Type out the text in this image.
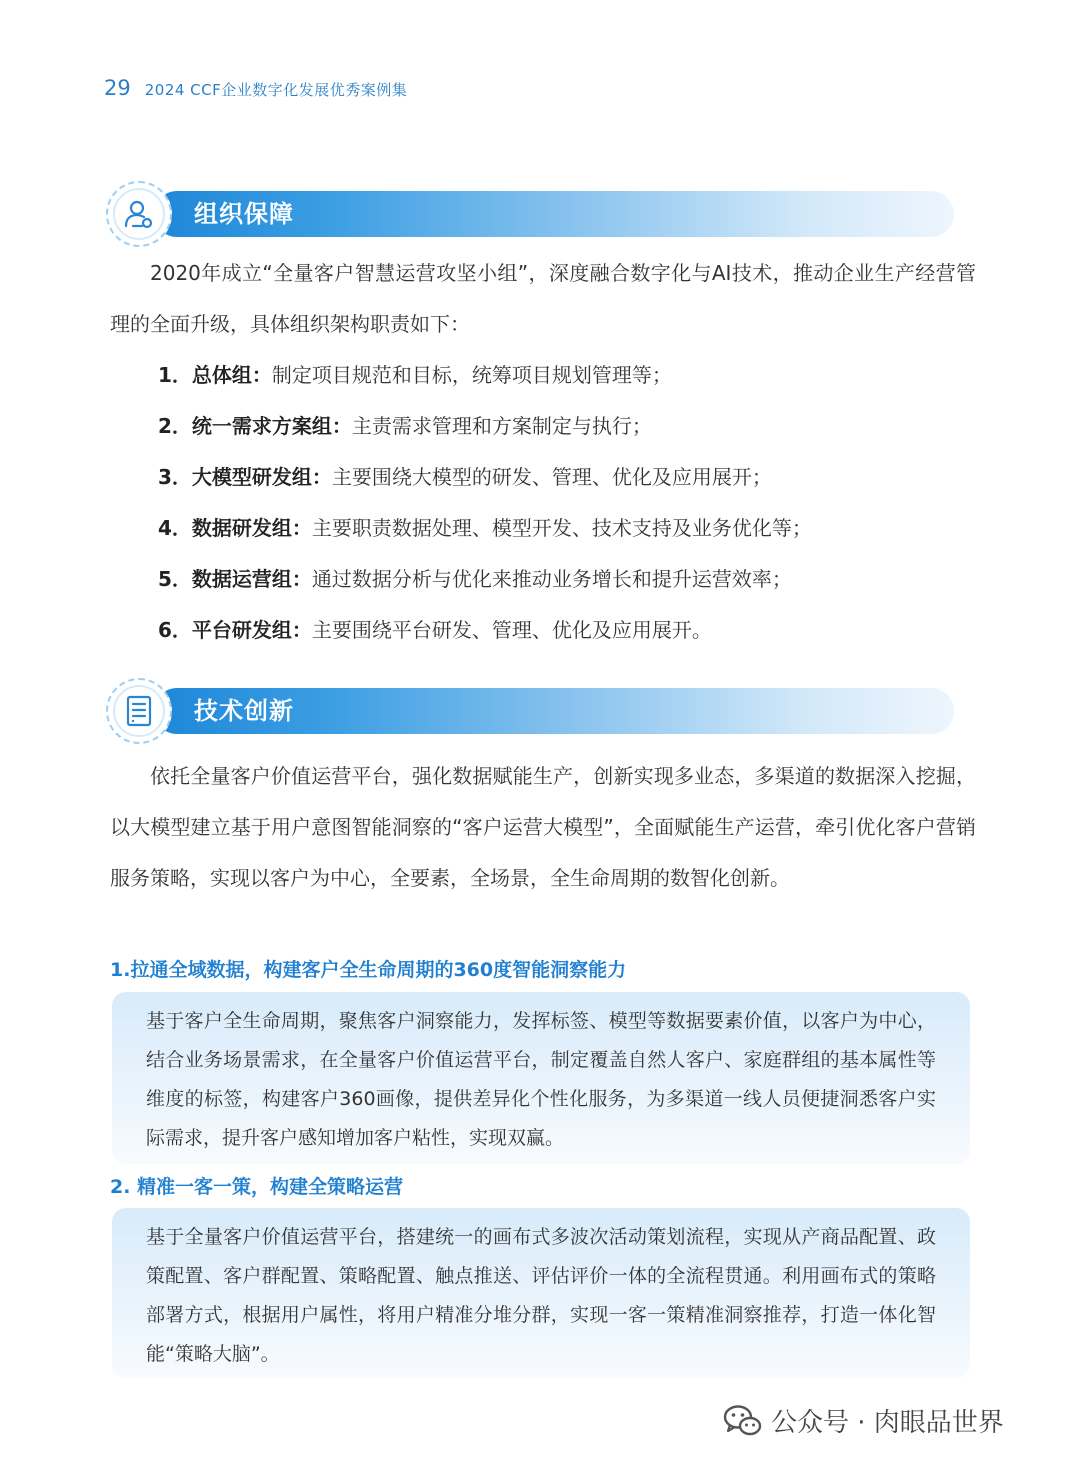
29 2024 CCF企业数字化发展优秀案例集
组织保障

2020年成立“全量客户智慧运营攻坚小组”，深度融合数字化与AI技术，推动企业生产经营管理的全面升级，具体组织架构职责如下：

1．总体组：制定项目规范和目标，统筹项目规划管理等；
2．统一需求方案组：主责需求管理和方案制定与执行；
3．大模型研发组：主要围绕大模型的研发、管理、优化及应用展开；
4．数据研发组：主要职责数据处理、模型开发、技术支持及业务优化等；
5．数据运营组：通过数据分析与优化来推动业务增长和提升运营效率；
6．平台研发组：主要围绕平台研发、管理、优化及应用展开。
技术创新

依托全量客户价值运营平台，强化数据赋能生产，创新实现多业态，多渠道的数据深入挖掘，以大模型建立基于用户意图智能洞察的“客户运营大模型”，全面赋能生产运营，牵引优化客户营销服务策略，实现以客户为中心，全要素，全场景，全生命周期的数智化创新。

1.拉通全域数据，构建客户全生命周期的360度智能洞察能力
基于客户全生命周期，聚焦客户洞察能力，发挥标签、模型等数据要素价值，以客户为中心，结合业务场景需求，在全量客户价值运营平台，制定覆盖自然人客户、家庭群组的基本属性等维度的标签，构建客户360画像，提供差异化个性化服务，为多渠道一线人员便捷洞悉客户实际需求，提升客户感知增加客户粘性，实现双赢。
2. 精准一客一策，构建全策略运营
基于全量客户价值运营平台，搭建统一的画布式多波次活动策划流程，实现从产商品配置、政策配置、客户群配置、策略配置、触点推送、评估评价一体的全流程贯通。利用画布式的策略部署方式，根据用户属性，将用户精准分堆分群，实现一客一策精准洞察推荐，打造一体化智能“策略大脑”。
公众号 · 肉眼品世界
